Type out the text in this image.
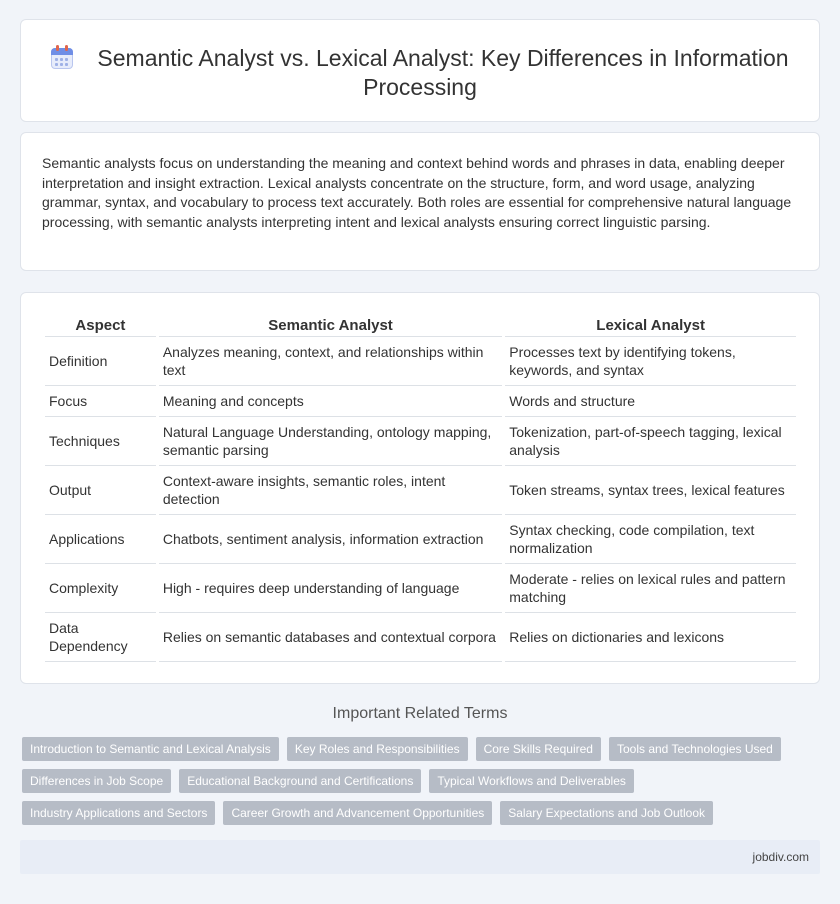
Semantic Analyst vs. Lexical Analyst: Key Differences in Information Processing

Semantic analysts focus on understanding the meaning and context behind words and phrases in data, enabling deeper interpretation and insight extraction. Lexical analysts concentrate on the structure, form, and word usage, analyzing grammar, syntax, and vocabulary to process text accurately. Both roles are essential for comprehensive natural language processing, with semantic analysts interpreting intent and lexical analysts ensuring correct linguistic parsing.

Aspect	Semantic Analyst	Lexical Analyst
Definition	Analyzes meaning, context, and relationships within text	Processes text by identifying tokens, keywords, and syntax
Focus	Meaning and concepts	Words and structure
Techniques	Natural Language Understanding, ontology mapping, semantic parsing	Tokenization, part-of-speech tagging, lexical analysis
Output	Context-aware insights, semantic roles, intent detection	Token streams, syntax trees, lexical features
Applications	Chatbots, sentiment analysis, information extraction	Syntax checking, code compilation, text normalization
Complexity	High - requires deep understanding of language	Moderate - relies on lexical rules and pattern matching
Data Dependency	Relies on semantic databases and contextual corpora	Relies on dictionaries and lexicons
Important Related Terms
Introduction to Semantic and Lexical Analysis	Key Roles and Responsibilities	Core Skills Required	Tools and Technologies Used
Differences in Job Scope	Educational Background and Certifications	Typical Workflows and Deliverables
Industry Applications and Sectors	Career Growth and Advancement Opportunities	Salary Expectations and Job Outlook
jobdiv.com
